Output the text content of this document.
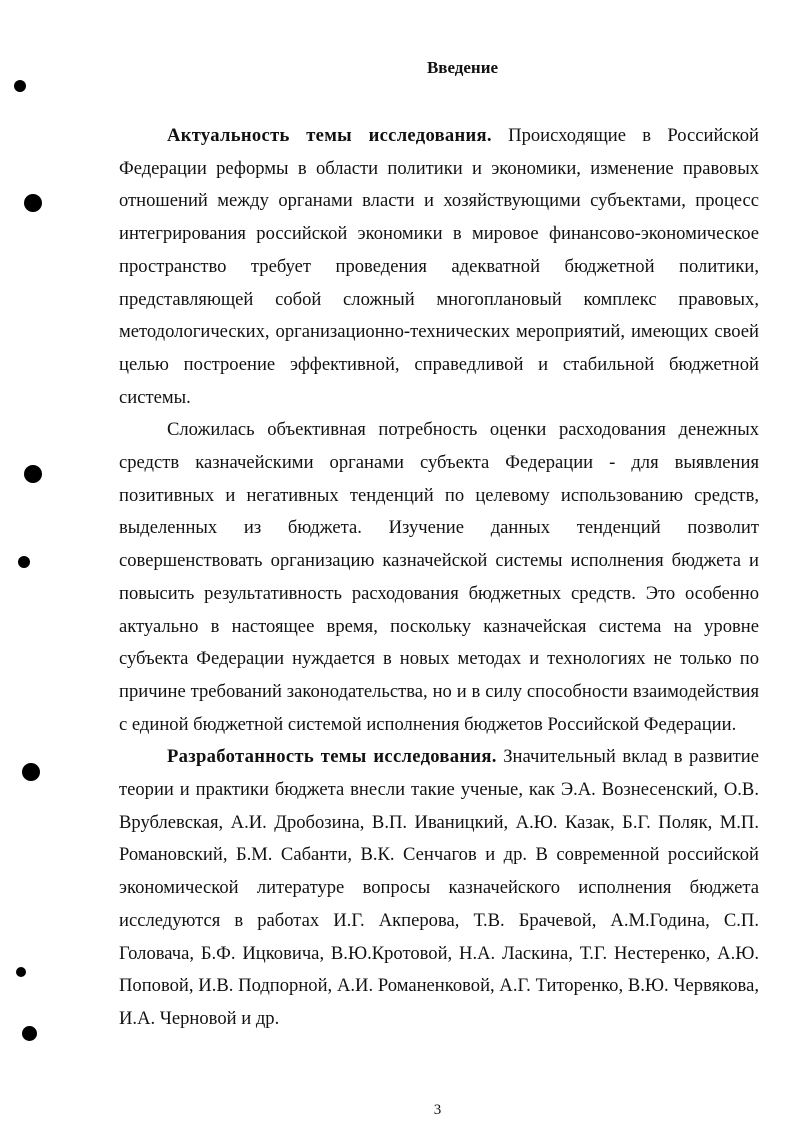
Введение

Актуальность темы исследования. Происходящие в Российской Федерации реформы в области политики и экономики, изменение правовых отношений между органами власти и хозяйствующими субъектами, процесс интегрирования российской экономики в мировое финансово-экономическое пространство требует проведения адекватной бюджетной политики, представляющей собой сложный многоплановый комплекс правовых, методологических, организационно-технических мероприятий, имеющих своей целью построение эффективной, справедливой и стабильной бюджетной системы.

Сложилась объективная потребность оценки расходования денежных средств казначейскими органами субъекта Федерации - для выявления позитивных и негативных тенденций по целевому использованию средств, выделенных из бюджета. Изучение данных тенденций позволит совершенствовать организацию казначейской системы исполнения бюджета и повысить результативность расходования бюджетных средств. Это особенно актуально в настоящее время, поскольку казначейская система на уровне субъекта Федерации нуждается в новых методах и технологиях не только по причине требований законодательства, но и в силу способности взаимодействия с единой бюджетной системой исполнения бюджетов Российской Федерации.

Разработанность темы исследования. Значительный вклад в развитие теории и практики бюджета внесли такие ученые, как Э.А. Вознесенский, О.В. Врублевская, А.И. Дробозина, В.П. Иваницкий, А.Ю. Казак, Б.Г. Поляк, М.П. Романовский, Б.М. Сабанти, В.К. Сенчагов и др. В современной российской экономической литературе вопросы казначейского исполнения бюджета исследуются в работах И.Г. Акперова, Т.В. Брачевой, А.М.Година, С.П. Головача, Б.Ф. Ицковича, В.Ю.Кротовой, Н.А. Ласкина, Т.Г. Нестеренко, А.Ю. Поповой, И.В. Подпорной, А.И. Романенковой, А.Г. Титоренко, В.Ю. Червякова, И.А. Черновой и др.

3
